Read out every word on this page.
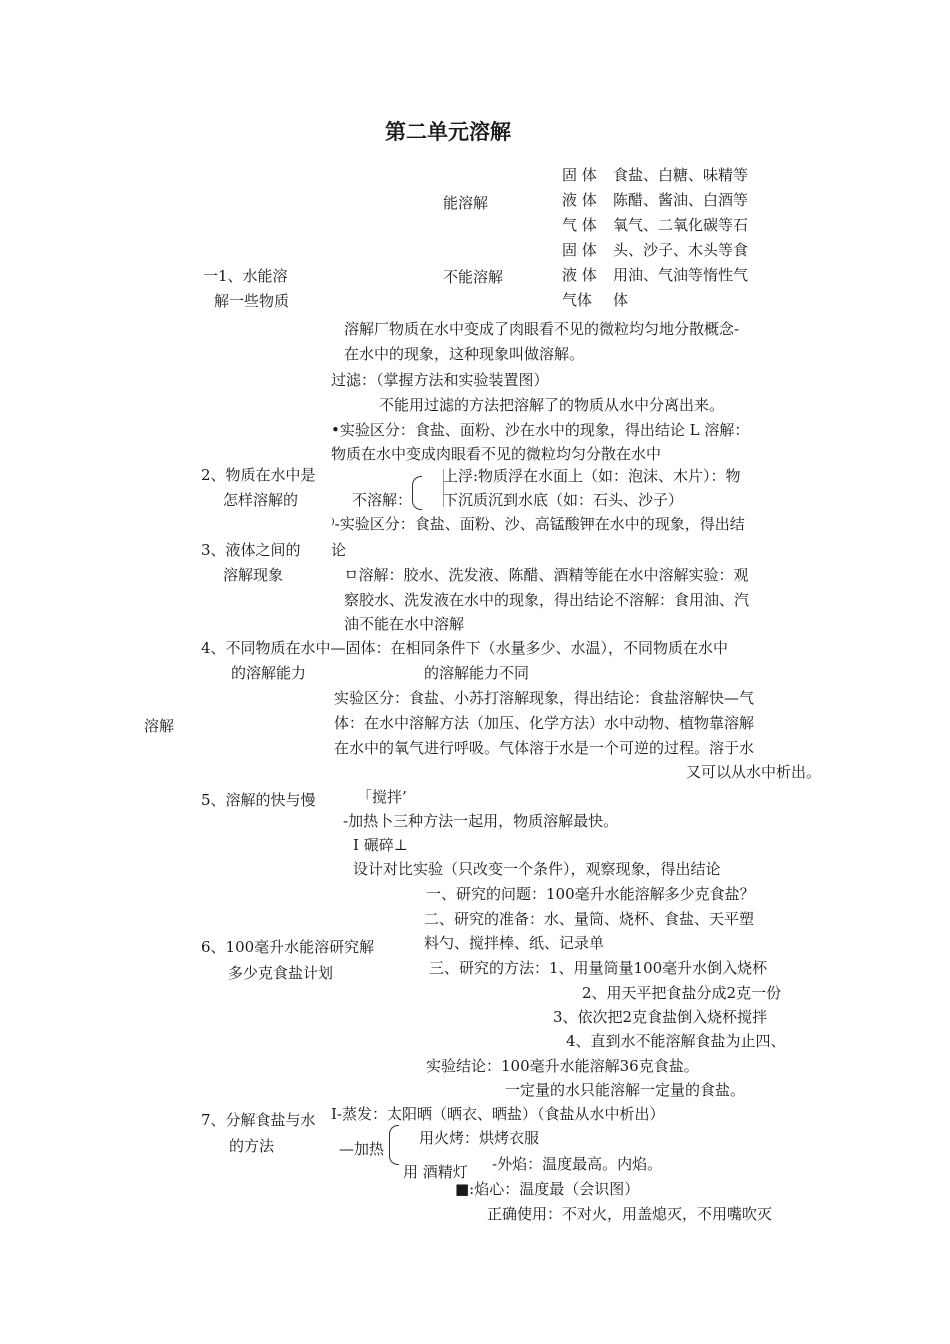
第二单元溶解
能溶解
不能溶解
固 体 食盐、白糖、味精等
液 体 陈醋、酱油、白酒等
气 体 氧气、二氧化碳等石
固 体 头、沙子、木头等食
液 体 用油、气油等惰性气
气体 体
一1、水能溶
解一些物质
溶解厂物质在水中变成了肉眼看不见的微粒均匀地分散概念-
在水中的现象，这种现象叫做溶解。
过滤：（掌握方法和实验装置图）
不能用过滤的方法把溶解了的物质从水中分离出来。
•实验区分：食盐、面粉、沙在水中的现象，得出结论 L 溶解：
物质在水中变成肉眼看不见的微粒均匀分散在水中
2、物质在水中是
怎样溶解的	不溶解：
上浮:物质浮在水面上（如：泡沫、木片）：物
下沉质沉到水底（如：石头、沙子）
⁾-实验区分：食盐、面粉、沙、高锰酸钾在水中的现象，得出结
论
3、液体之间的
溶解现象	ㅁ溶解：胶水、洗发液、陈醋、酒精等能在水中溶解实验：观
察胶水、洗发液在水中的现象，得出结论不溶解：食用油、汽
油不能在水中溶解
4、不同物质在水中—固体：在相同条件下（水量多少、水温），不同物质在水中
的溶解能力	的溶解能力不同
实验区分：食盐、小苏打溶解现象，得出结论：食盐溶解快—气
体：在水中溶解方法（加压、化学方法）水中动物、植物靠溶解
在水中的氧气进行呼吸。气体溶于水是一个可逆的过程。溶于水
又可以从水中析出。
溶解
5、溶解的快与慢	「搅拌’
-加热卜三种方法一起用，物质溶解最快。
I 碾碎⊥
设计对比实验（只改变一个条件），观察现象，得出结论
一、研究的问题：100毫升水能溶解多少克食盐？
二、研究的准备：水、量筒、烧杯、食盐、天平塑
料勺、搅拌棒、纸、记录单
6、100毫升水能溶研究解
多少克食盐计划	三、研究的方法：1、用量筒量100毫升水倒入烧杯
2、用天平把食盐分成2克一份
3、依次把2克食盐倒入烧杯搅拌
4、直到水不能溶解食盐为止四、
实验结论：100毫升水能溶解36克食盐。
一定量的水只能溶解一定量的食盐。
7、分解食盐与水
的方法
I-蒸发：太阳晒（晒衣、晒盐）（食盐从水中析出）
—加热
用火烤：烘烤衣服
用 酒精灯 -外焰：温度最高。内焰。
■:焰心：温度最（会识图）
正确使用：不对火，用盖熄灭，不用嘴吹灭
